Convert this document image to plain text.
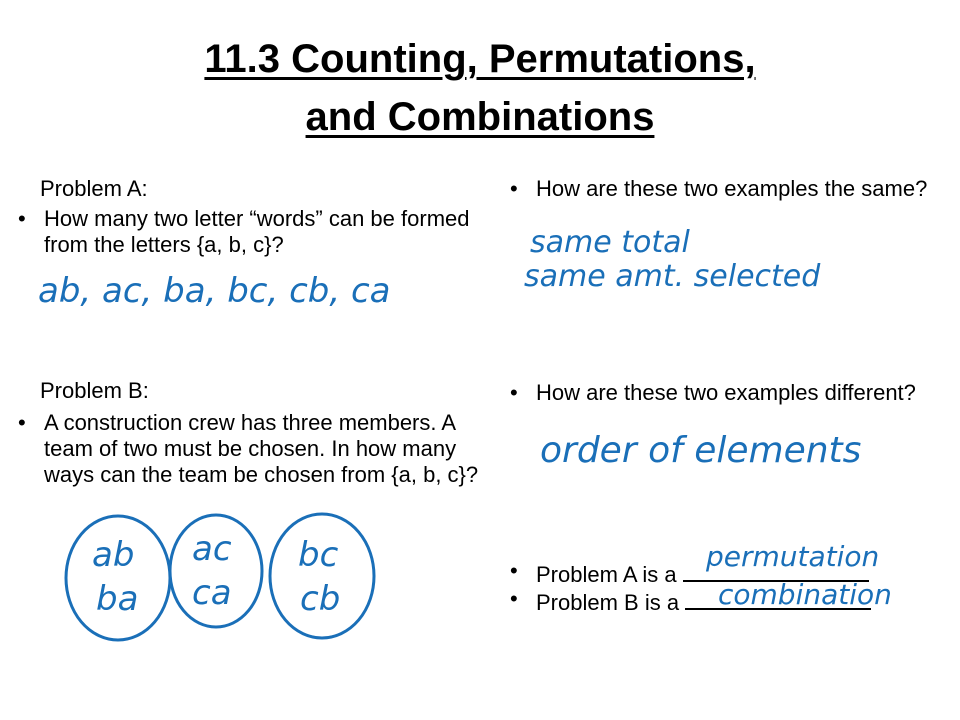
11.3 Counting, Permutations,
and Combinations
Problem A:
• How many two letter “words” can be formed from the letters {a, b, c}?
Problem B:
• A construction crew has three members. A team of two must be chosen. In how many ways can the team be chosen from {a, b, c}?
• How are these two examples the same?
• How are these two examples different?
• Problem A is a
• Problem B is a
ab, ac, ba, bc, cb, ca
ab
ba
ac
ca
bc
cb
same total
same amt. selected
order of elements
permutation
combination
